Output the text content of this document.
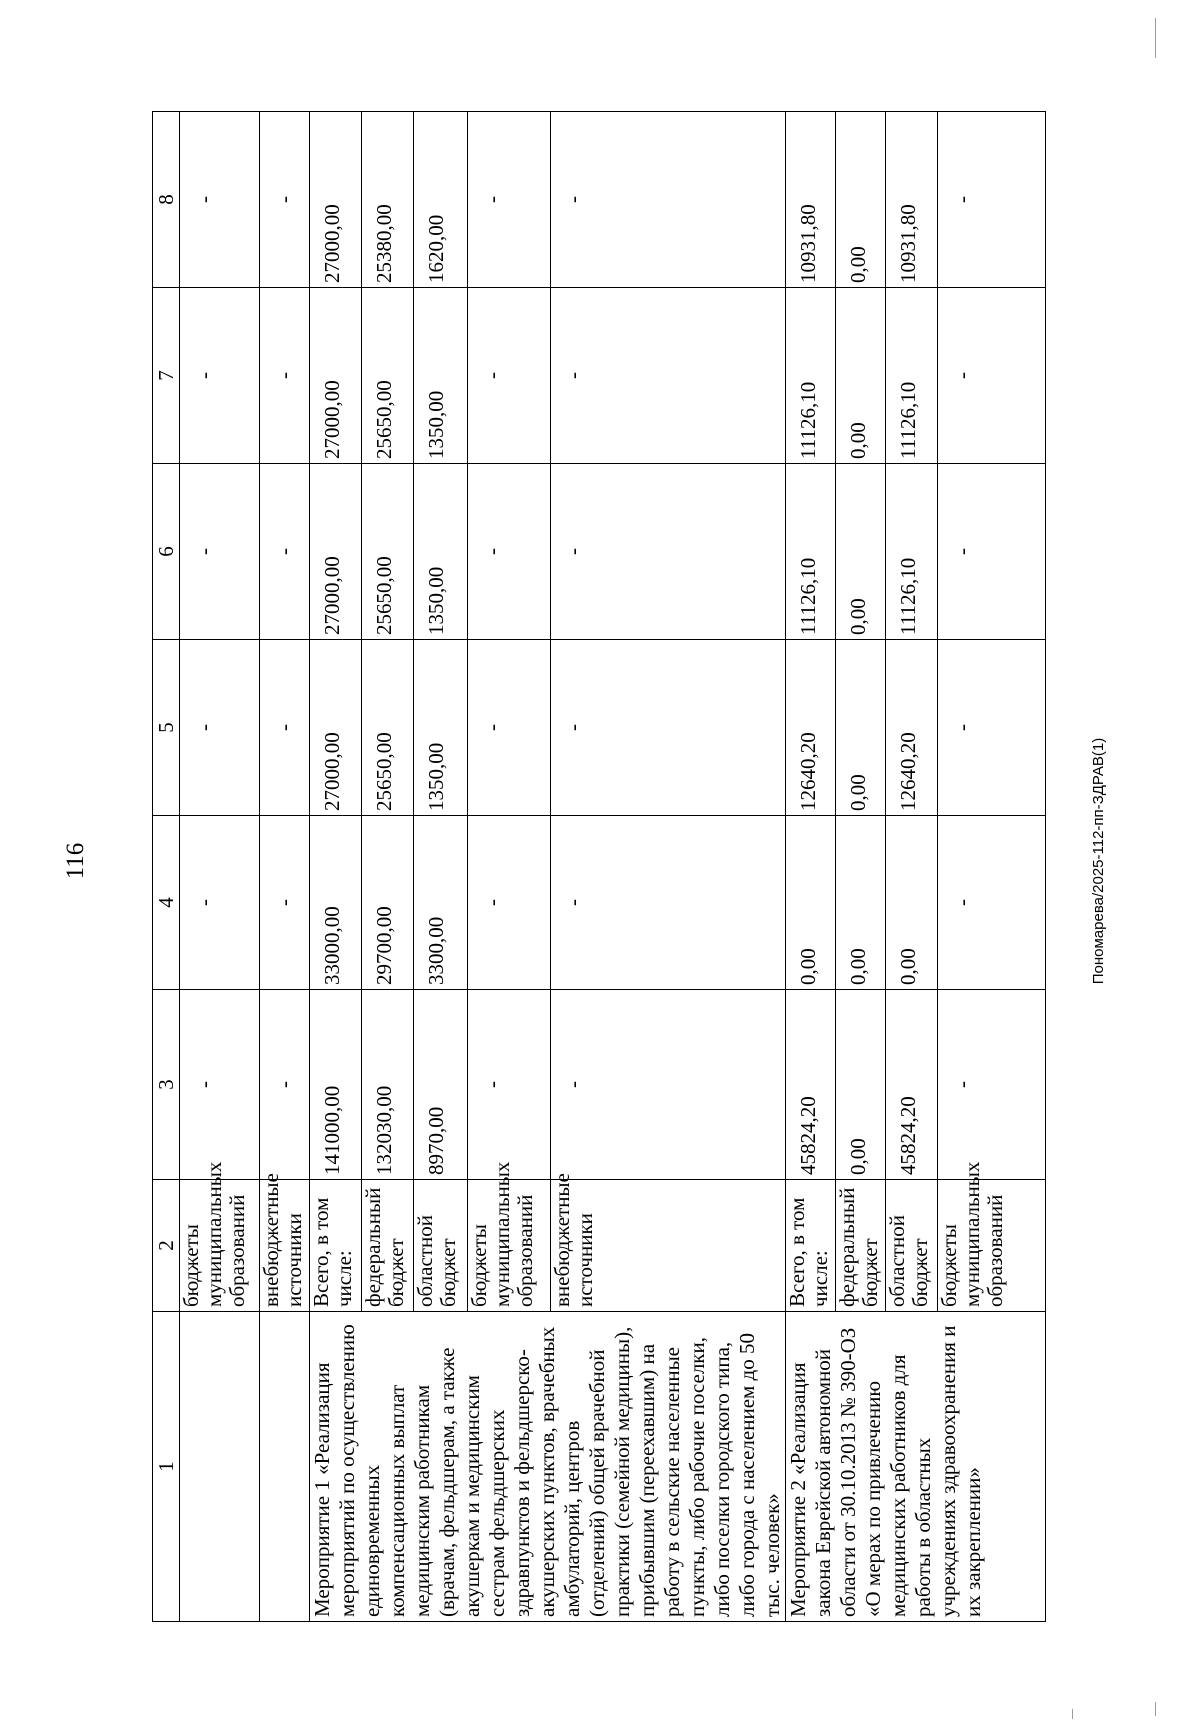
116
1	2	3	4	5	6	7	8
	бюджеты муниципальных образований	-	-	-	-	-	-
	внебюджетные источники	-	-	-	-	-	-
Мероприятие 1 «Реализация мероприятий по осуществлению единовременных компенсационных выплат медицинским работникам (врачам, фельдшерам, а также акушеркам и медицинским сестрам фельдшерских здравпунктов и фельдшерско-акушерских пунктов, врачебных амбулаторий, центров (отделений) общей врачебной практики (семейной медицины), прибывшим (переехавшим) на работу в сельские населенные пункты, либо рабочие поселки, либо поселки городского типа, либо города с населением до 50 тыс. человек»	Всего, в том числе:	141000,00	33000,00	27000,00	27000,00	27000,00	27000,00
	федеральный бюджет	132030,00	29700,00	25650,00	25650,00	25650,00	25380,00
	областной бюджет	8970,00	3300,00	1350,00	1350,00	1350,00	1620,00
	бюджеты муниципальных образований	-	-	-	-	-	-
	внебюджетные источники	-	-	-	-	-	-
Мероприятие 2 «Реализация закона Еврейской автономной области от 30.10.2013 № 390-ОЗ «О мерах по привлечению медицинских работников для работы в областных учреждениях здравоохранения и их закреплении»	Всего, в том числе:	45824,20	0,00	12640,20	11126,10	11126,10	10931,80
	федеральный бюджет	0,00	0,00	0,00	0,00	0,00	0,00
	областной бюджет	45824,20	0,00	12640,20	11126,10	11126,10	10931,80
	бюджеты муниципальных образований	-	-	-	-	-	-
Пономарева/2025-112-пп-ЗДРАВ(1)
